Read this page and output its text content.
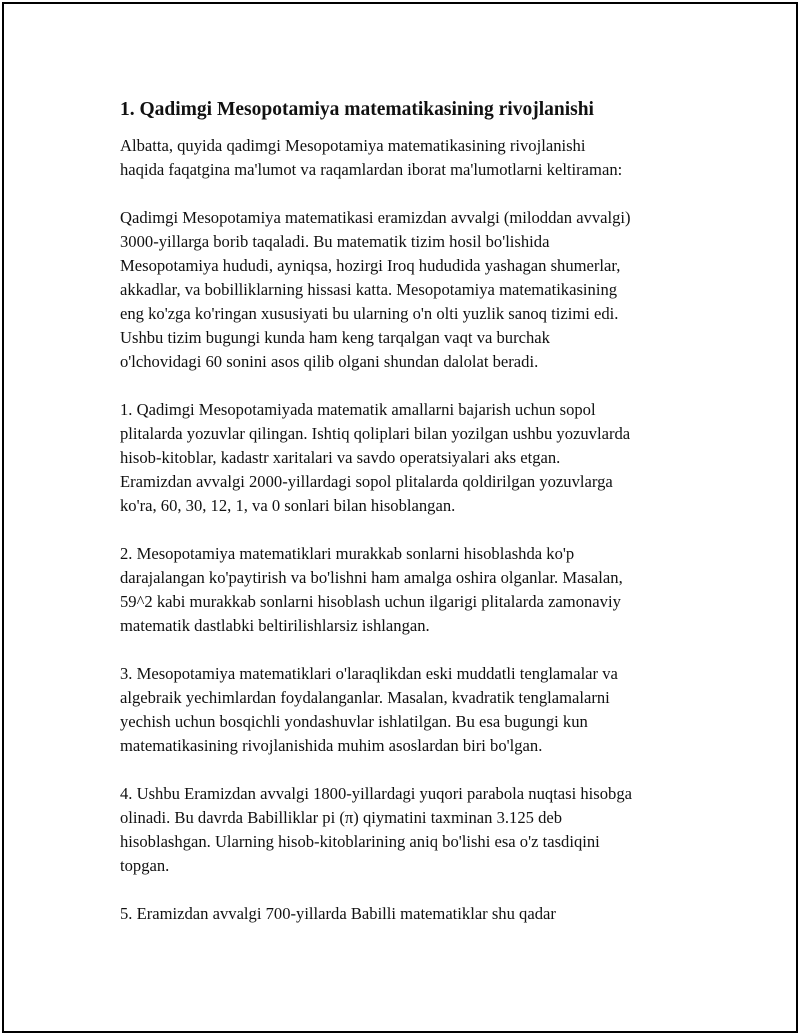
1. Qadimgi Mesopotamiya matematikasining rivojlanishi

Albatta, quyida qadimgi Mesopotamiya matematikasining rivojlanishi
haqida faqatgina ma'lumot va raqamlardan iborat ma'lumotlarni keltiraman:

Qadimgi Mesopotamiya matematikasi eramizdan avvalgi (miloddan avvalgi)
3000-yillarga borib taqaladi. Bu matematik tizim hosil bo'lishida
Mesopotamiya hududi, ayniqsa, hozirgi Iroq hududida yashagan shumerlar,
akkadlar, va bobilliklarning hissasi katta. Mesopotamiya matematikasining
eng ko'zga ko'ringan xususiyati bu ularning o'n olti yuzlik sanoq tizimi edi.
Ushbu tizim bugungi kunda ham keng tarqalgan vaqt va burchak
o'lchovidagi 60 sonini asos qilib olgani shundan dalolat beradi.

1. Qadimgi Mesopotamiyada matematik amallarni bajarish uchun sopol
plitalarda yozuvlar qilingan. Ishtiq qoliplari bilan yozilgan ushbu yozuvlarda
hisob-kitoblar, kadastr xaritalari va savdo operatsiyalari aks etgan.
Eramizdan avvalgi 2000-yillardagi sopol plitalarda qoldirilgan yozuvlarga
ko'ra, 60, 30, 12, 1, va 0 sonlari bilan hisoblangan.

2. Mesopotamiya matematiklari murakkab sonlarni hisoblashda ko'p
darajalangan ko'paytirish va bo'lishni ham amalga oshira olganlar. Masalan,
59^2 kabi murakkab sonlarni hisoblash uchun ilgarigi plitalarda zamonaviy
matematik dastlabki beltirilishlarsiz ishlangan.

3. Mesopotamiya matematiklari o'laraqlikdan eski muddatli tenglamalar va
algebraik yechimlardan foydalanganlar. Masalan, kvadratik tenglamalarni
yechish uchun bosqichli yondashuvlar ishlatilgan. Bu esa bugungi kun
matematikasining rivojlanishida muhim asoslardan biri bo'lgan.

4. Ushbu Eramizdan avvalgi 1800-yillardagi yuqori parabola nuqtasi hisobga
olinadi. Bu davrda Babilliklar pi (π) qiymatini taxminan 3.125 deb
hisoblashgan. Ularning hisob-kitoblarining aniq bo'lishi esa o'z tasdiqini
topgan.

5. Eramizdan avvalgi 700-yillarda Babilli matematiklar shu qadar
